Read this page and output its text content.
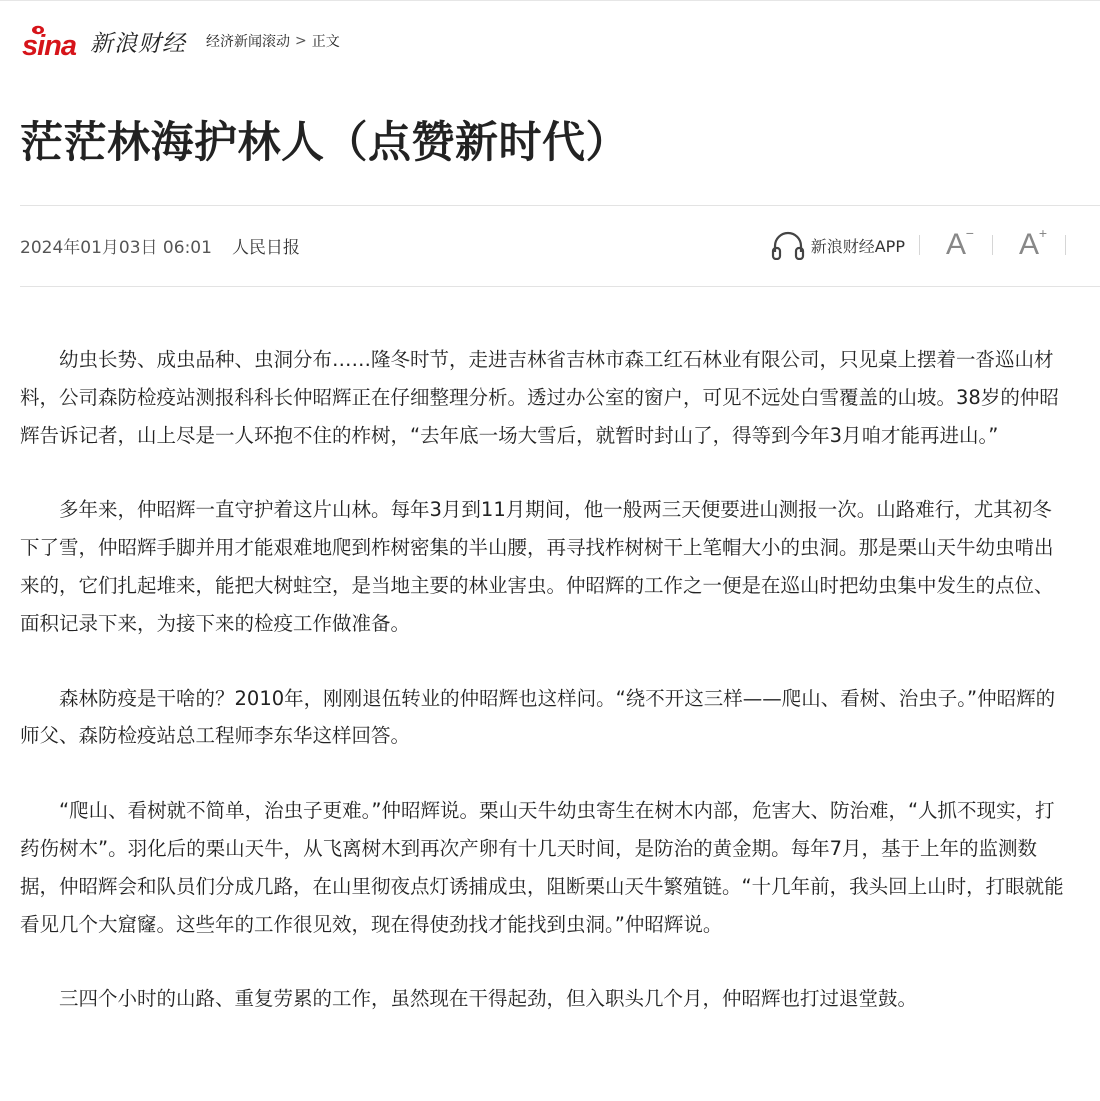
sina 新浪财经 经济新闻滚动 > 正文
茫茫林海护林人（点赞新时代）
2024年01月03日 06:01 人民日报	新浪财经APP	A −	A +

幼虫长势、成虫品种、虫洞分布……隆冬时节，走进吉林省吉林市森工红石林业有限公司，只见桌上摆着一沓巡山材料，公司森防检疫站测报科科长仲昭辉正在仔细整理分析。透过办公室的窗户，可见不远处白雪覆盖的山坡。38岁的仲昭辉告诉记者，山上尽是一人环抱不住的柞树，“去年底一场大雪后，就暂时封山了，得等到今年3月咱才能再进山。”

多年来，仲昭辉一直守护着这片山林。每年3月到11月期间，他一般两三天便要进山测报一次。山路难行，尤其初冬下了雪，仲昭辉手脚并用才能艰难地爬到柞树密集的半山腰，再寻找柞树树干上笔帽大小的虫洞。那是栗山天牛幼虫啃出来的，它们扎起堆来，能把大树蛀空，是当地主要的林业害虫。仲昭辉的工作之一便是在巡山时把幼虫集中发生的点位、面积记录下来，为接下来的检疫工作做准备。

森林防疫是干啥的？2010年，刚刚退伍转业的仲昭辉也这样问。“绕不开这三样——爬山、看树、治虫子。”仲昭辉的师父、森防检疫站总工程师李东华这样回答。

“爬山、看树就不简单，治虫子更难。”仲昭辉说。栗山天牛幼虫寄生在树木内部，危害大、防治难，“人抓不现实，打药伤树木”。羽化后的栗山天牛，从飞离树木到再次产卵有十几天时间，是防治的黄金期。每年7月，基于上年的监测数据，仲昭辉会和队员们分成几路，在山里彻夜点灯诱捕成虫，阻断栗山天牛繁殖链。“十几年前，我头回上山时，打眼就能看见几个大窟窿。这些年的工作很见效，现在得使劲找才能找到虫洞。”仲昭辉说。

三四个小时的山路、重复劳累的工作，虽然现在干得起劲，但入职头几个月，仲昭辉也打过退堂鼓。
